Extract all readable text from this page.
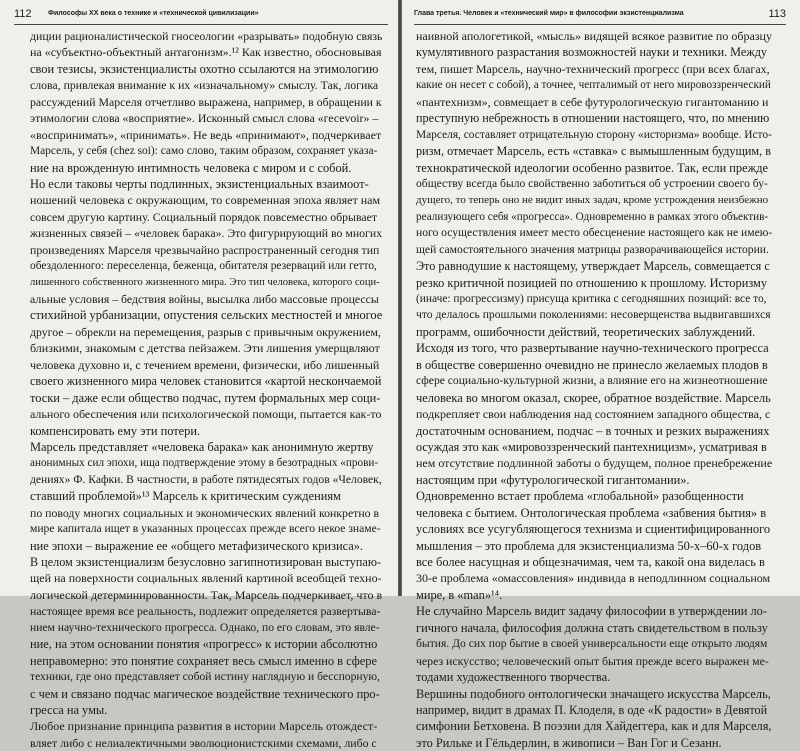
112 Философы XX века о технике и «технической цивилизации»
диции рационалистической гносеологии «разрывать» подобную связь
на «субъектно-объектный антагонизм».¹² Как известно, обосновывая
свои тезисы, экзистенциалисты охотно ссылаются на этимологию
слова, привлекая внимание к их «изначальному» смыслу. Так, логика
рассуждений Марселя отчетливо выражена, например, в обращении к
этимологии слова «восприятие». Исконный смысл слова «гесеvоir» –
«воспринимать», «принимать». Не ведь «принимают», подчеркивает
Марсель, у себя (chez soi): само слово, таким образом, сохраняет указа-
ние на врожденную интимность человека с миром и с собой.
Но если таковы черты подлинных, экзистенциальных взаимоот-
ношений человека с окружающим, то современная эпоха являет нам
совсем другую картину. Социальный порядок повсеместно обрывает
жизненных связей – «человек барака». Это фигурирующий во многих
произведениях Марселя чрезвычайно распространенный сегодня тип
обездоленного: переселенца, беженца, обитателя резерваций или гетто,
лишенного собственного жизненного мира. Это тип человека, которого соци-
альные условия – бедствия войны, высылка либо массовые процессы
стихийной урбанизации, опустения сельских местностей и многое
другое – обрекли на перемещения, разрыв с привычным окружением,
близкими, знакомым с детства пейзажем. Эти лишения умерщвляют
человека духовно и, с течением времени, физически, ибо лишенный
своего жизненного мира человек становится «картой нескончаемой
тоски – даже если общество подчас, путем формальных мер соци-
ального обеспечения или психологической помощи, пытается как-то
компенсировать ему эти потери.
Марсель представляет «человека барака» как анонимную жертву
анонимных сил эпохи, ища подтверждение этому в безотрадных «прови-
дениях» Ф. Кафки. В частности, в работе пятидесятых годов «Человек,
ставший проблемой»¹³ Марсель к критическим суждениям
по поводу многих социальных и экономических явлений конкретно в
мире капитала ищет в указанных процессах прежде всего некое знаме-
ние эпохи – выражение ее «общего метафизического кризиса».
В целом экзистенциализм безусловно загипнотизирован выступаю-
щей на поверхности социальных явлений картиной всеобщей техно-
логической детерминированности. Так, Марсель подчеркивает, что в
настоящее время все реальность, подлежит определяется развертыва-
нием научно-технического прогресса. Однако, по его словам, это явле-
ние, на этом основании понятия «прогресс» к истории абсолютно
неправомерно: это понятие сохраняет весь смысл именно в сфере
техники, где оно представляет собой истину наглядную и бесспорную,
с чем и связано подчас магическое воздействие технического про-
гресса на умы.
Любое признание принципа развития в истории Марсель отождест-
вляет либо с нелиалектичными эволюционистскими схемами, либо с
Глава третья. Человек и «технический мир» в философии экзистенциализма	113
наивной апологетикой, «мысль» видящей всякое развитие по образцу
кумулятивного разрастания возможностей науки и техники. Между
тем, пишет Марсель, научно-технический прогресс (при всех благах,
какие он несет с собой), а точнее, чепталимый от него мировоззренческий
«пантехнизм», совмещает в себе футурологическую гигантоманию и
преступную небрежность в отношении настоящего, что, по мнению
Марселя, составляет отрицательную сторону «историзма» вообще. Исто-
ризм, отмечает Марсель, есть «ставка» с вымышленным будущим, в
технократической идеологии особенно развитое. Так, если прежде
обществу всегда было свойственно заботиться об устроении своего бу-
дущего, то теперь оно не видит иных задач, кроме устрождения неизбежно
реализующего себя «прогресса». Одновременно в рамках этого объектив-
ного осуществления имеет место обесценение настоящего как не имею-
щей самостоятельного значения матрицы разворачивающейся истории.
Это равнодушие к настоящему, утверждает Марсель, совмещается с
резко критичной позицией по отношению к прошлому. Историзму
(иначе: прогрессизму) присуща критика с сегодняшних позиций: все то,
что делалось прошлыми поколениями: несоверщенства выдвигавшихся
программ, ошибочности действий, теоретических заблуждений.
Исходя из того, что развертывание научно-технического прогресса
в обществе совершенно очевидно не принесло желаемых плодов в
сфере социально-культурной жизни, а влияние его на жизнеотношение
человека во многом оказал, скорее, обратное воздействие. Марсель
подкрепляет свои наблюдения над состоянием западного общества, с
достаточным основанием, подчас – в точных и резких выражениях
осуждая это как «мировоззренческий пантехницизм», усматривая в
нем отсутствие подлинной заботы о будущем, полное пренебрежение
настоящим при «футурологической гигантомании».
Одновременно встает проблема «глобальной» разобщенности
человека с бытием. Онтологическая проблема «забвения бытия» в
условиях все усугубляющегося технизма и сциентифицированного
мышления – это проблема для экзистенциализма 50-х–60-х годов
все более насущная и общезначимая, чем та, какой она виделась в
30-е проблема «омассовления» индивида в неподлинном социальном
мире, в «man»¹⁴.
Не случайно Марсель видит задачу философии в утверждении ло-
гичного начала, философия должна стать свидетельством в пользу
бытия. До сих пор бытие в своей универсальности еще открыто людям
через искусство; человеческий опыт бытия прежде всего выражен ме-
тодами художественного творчества.
Вершины подобного онтологически значащего искусства Марсель,
например, видит в драмах П. Клоделя, в оде «К радости» в Девятой
симфонии Бетховена. В поэзии для Хайдеггера, как и для Марселя,
это Рильке и Гёльдерлин, в живописи – Ван Гог и Сезанн.
